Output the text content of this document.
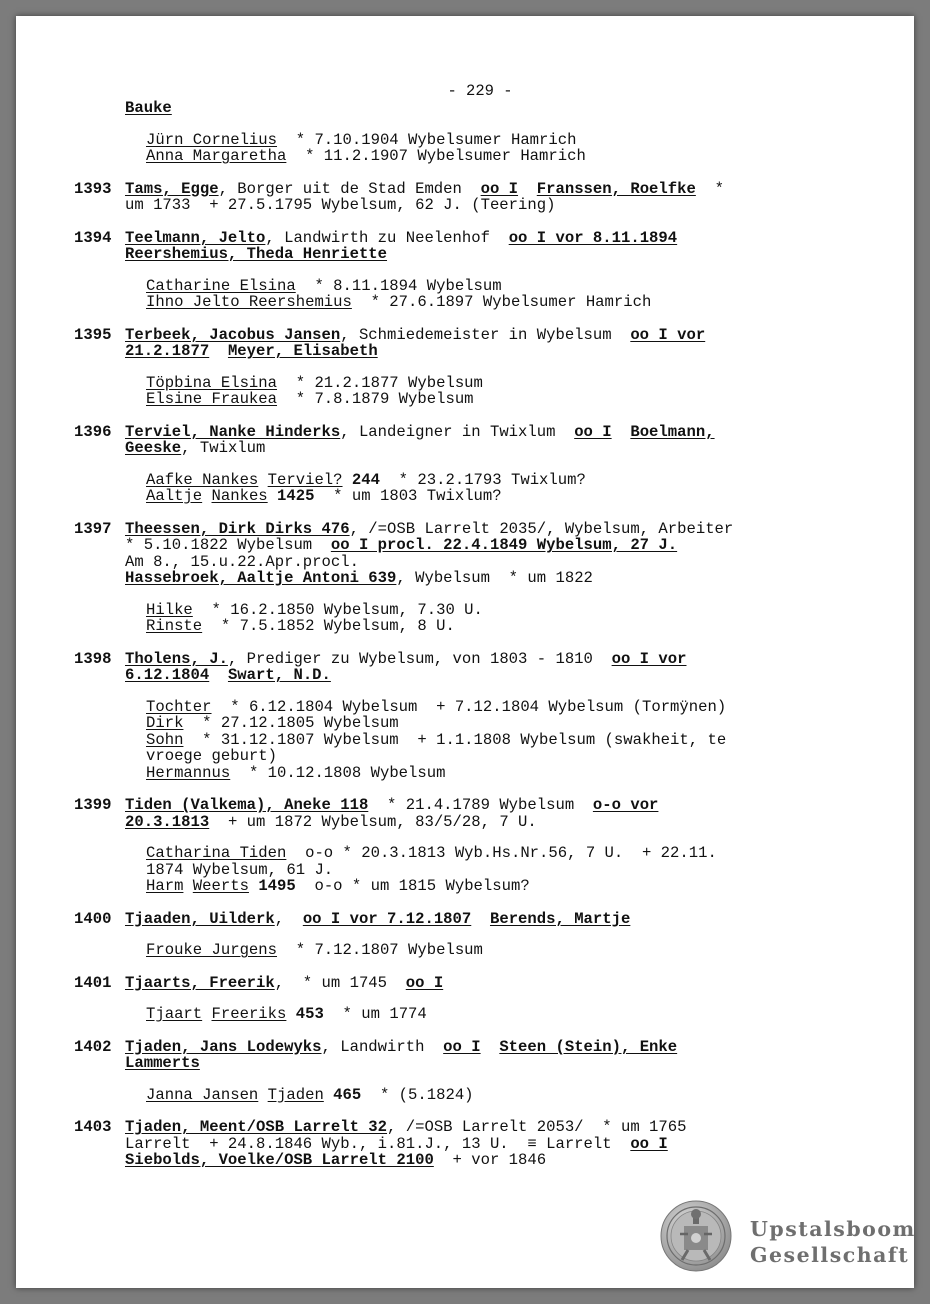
- 229 -
Bauke
Jürn Cornelius  * 7.10.1904 Wybelsumer Hamrich
Anna Margaretha  * 11.2.1907 Wybelsumer Hamrich
1393 Tams, Egge, Borger uit de Stad Emden  oo I Franssen, Roelfke  *
um 1733  + 27.5.1795 Wybelsum, 62 J. (Teering)
1394 Teelmann, Jelto, Landwirth zu Neelenhof  oo I vor 8.11.1894
Reershemius, Theda Henriette
Catharine Elsina  * 8.11.1894 Wybelsum
Ihno Jelto Reershemius  * 27.6.1897 Wybelsumer Hamrich
1395 Terbeek, Jacobus Jansen, Schmiedemeister in Wybelsum  oo I vor
21.2.1877 Meyer, Elisabeth
Töpbina Elsina  * 21.2.1877 Wybelsum
Elsine Fraukea  * 7.8.1879 Wybelsum
1396 Terviel, Nanke Hinderks, Landeigner in Twixlum  oo I Boelmann,
Geeske, Twixlum
Aafke Nankes Terviel? 244  * 23.2.1793 Twixlum?
Aaltje Nankes 1425  * um 1803 Twixlum?
1397 Theessen, Dirk Dirks 476, /=OSB Larrelt 2035/, Wybelsum, Arbeiter
* 5.10.1822 Wybelsum  oo I procl. 22.4.1849 Wybelsum, 27 J.
Am 8., 15.u.22.Apr.procl.
Hassebroek, Aaltje Antoni 639, Wybelsum  * um 1822
Hilke  * 16.2.1850 Wybelsum, 7.30 U.
Rinste  * 7.5.1852 Wybelsum, 8 U.
1398 Tholens, J., Prediger zu Wybelsum, von 1803 - 1810  oo I vor
6.12.1804 Swart, N.D.
Tochter  * 6.12.1804 Wybelsum  + 7.12.1804 Wybelsum (Tormÿnen)
Dirk  * 27.12.1805 Wybelsum
Sohn  * 31.12.1807 Wybelsum  + 1.1.1808 Wybelsum (swakheit, te
vroege geburt)
Hermannus  * 10.12.1808 Wybelsum
1399 Tiden (Valkema), Aneke 118  * 21.4.1789 Wybelsum  o-o vor
20.3.1813  + um 1872 Wybelsum, 83/5/28, 7 U.
Catharina Tiden  o-o * 20.3.1813 Wyb.Hs.Nr.56, 7 U.  + 22.11.
1874 Wybelsum, 61 J.
Harm Weerts 1495  o-o * um 1815 Wybelsum?
1400 Tjaaden, Uilderk,  oo I vor 7.12.1807 Berends, Martje
Frouke Jurgens  * 7.12.1807 Wybelsum
1401 Tjaarts, Freerik,  * um 1745  oo I
Tjaart Freeriks 453  * um 1774
1402 Tjaden, Jans Lodewyks, Landwirth  oo I Steen (Stein), Enke
Lammerts
Janna Jansen Tjaden 465  * (5.1824)
1403 Tjaden, Meent/OSB Larrelt 32, /=OSB Larrelt 2053/  * um 1765
Larrelt  + 24.8.1846 Wyb., i.81.J., 13 U.  ≡ Larrelt  oo I
Siebolds, Voelke/OSB Larrelt 2100  + vor 1846
Upstalsboom
Gesellschaft
